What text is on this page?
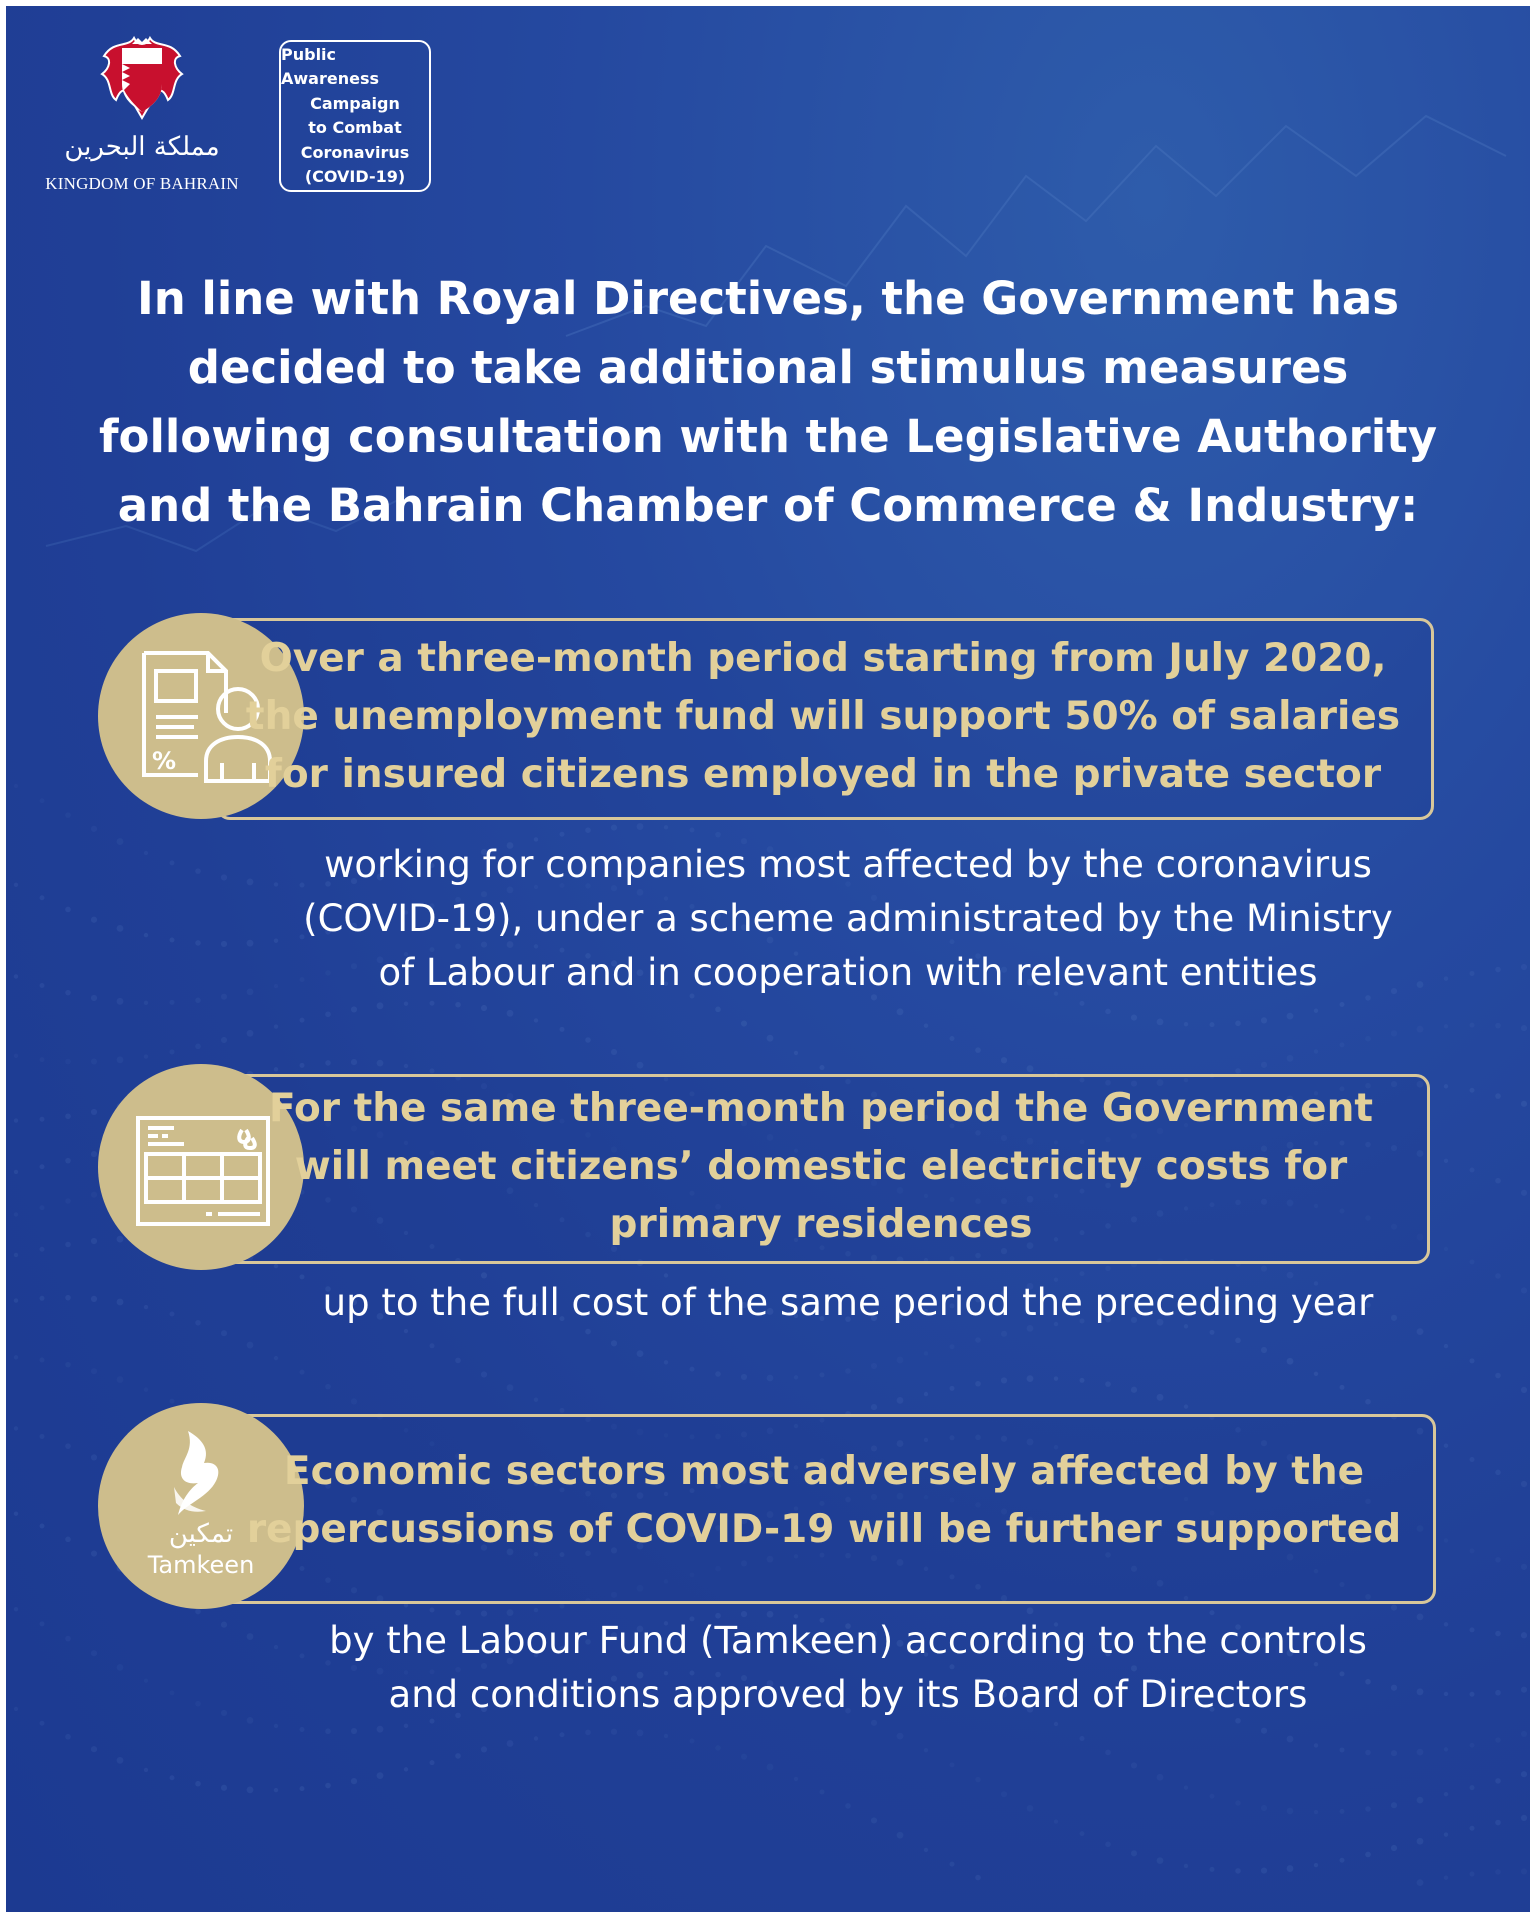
مملكة البحرين
KINGDOM OF BAHRAIN
Public Awareness
Campaign
to Combat
Coronavirus
(COVID-19)
In line with Royal Directives, the Government has
decided to take additional stimulus measures
following consultation with the Legislative Authority
and the Bahrain Chamber of Commerce & Industry:
%
Over a three-month period starting from July 2020,
the unemployment fund will support 50% of salaries
for insured citizens employed in the private sector
working for companies most affected by the coronavirus
(COVID-19), under a scheme administrated by the Ministry
of Labour and in cooperation with relevant entities
For the same three-month period the Government
will meet citizens’ domestic electricity costs for
primary residences
up to the full cost of the same period the preceding year
تمكين
Tamkeen
Economic sectors most adversely affected by the
repercussions of COVID-19 will be further supported
by the Labour Fund (Tamkeen) according to the controls
and conditions approved by its Board of Directors
